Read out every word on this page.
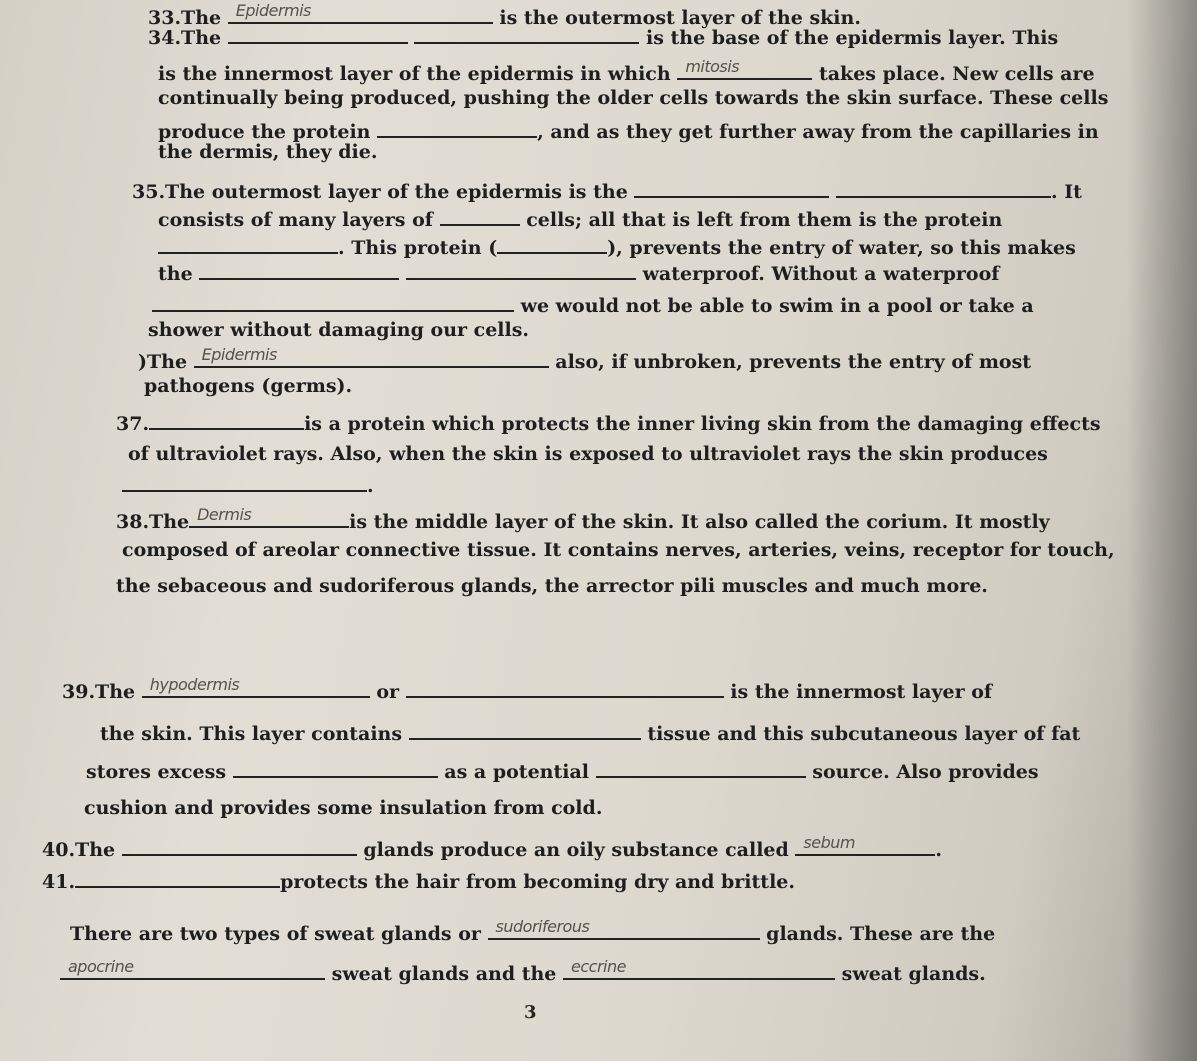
33.The Epidermis	is the outermost layer of the skin.
34.The	is the base of the epidermis layer. This
is the innermost layer of the epidermis in which mitosis	takes place. New cells are
continually being produced, pushing the older cells towards the skin surface. These cells
produce the protein	, and as they get further away from the capillaries in
the dermis, they die.
35.The outermost layer of the epidermis is the	. It
consists of many layers of	cells; all that is left from them is the protein
. This protein (	), prevents the entry of water, so this makes
the	waterproof. Without a waterproof
we would not be able to swim in a pool or take a
shower without damaging our cells.
)The Epidermis	also, if unbroken, prevents the entry of most
pathogens (germs).
37.	is a protein which protects the inner living skin from the damaging effects
of ultraviolet rays. Also, when the skin is exposed to ultraviolet rays the skin produces
.
38.The Dermis	is the middle layer of the skin. It also called the corium. It mostly
composed of areolar connective tissue. It contains nerves, arteries, veins, receptor for touch,
the sebaceous and sudoriferous glands, the arrector pili muscles and much more.
39.The hypodermis	or	is the innermost layer of
the skin. This layer contains	tissue and this subcutaneous layer of fat
stores excess	as a potential	source. Also provides
cushion and provides some insulation from cold.
40.The	glands produce an oily substance called sebum	.
41.	protects the hair from becoming dry and brittle.
There are two types of sweat glands or sudoriferous	glands. These are the
apocrine	sweat glands and the eccrine	sweat glands.
3
